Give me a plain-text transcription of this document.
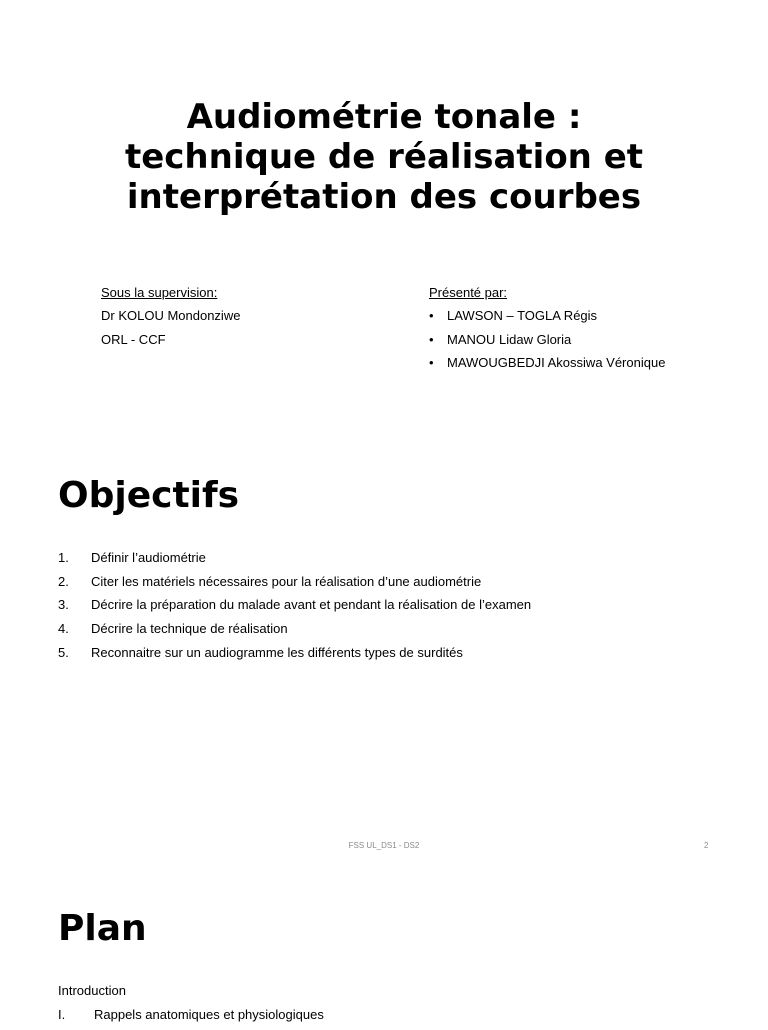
Audiométrie tonale :
technique de réalisation et
interprétation des courbes
Sous la supervision:
Dr KOLOU Mondonziwe
ORL - CCF
Présenté par:
• LAWSON – TOGLA Régis
• MANOU Lidaw Gloria
• MAWOUGBEDJI Akossiwa Véronique
Objectifs
1. Définir l’audiométrie
2. Citer les matériels nécessaires pour la réalisation d’une audiométrie
3. Décrire la préparation du malade avant et pendant la réalisation de l’examen
4. Décrire la technique de réalisation
5. Reconnaitre sur un audiogramme les différents types de surdités
FSS UL_DS1 - DS2	2
Plan
Introduction
I. Rappels anatomiques et physiologiques
